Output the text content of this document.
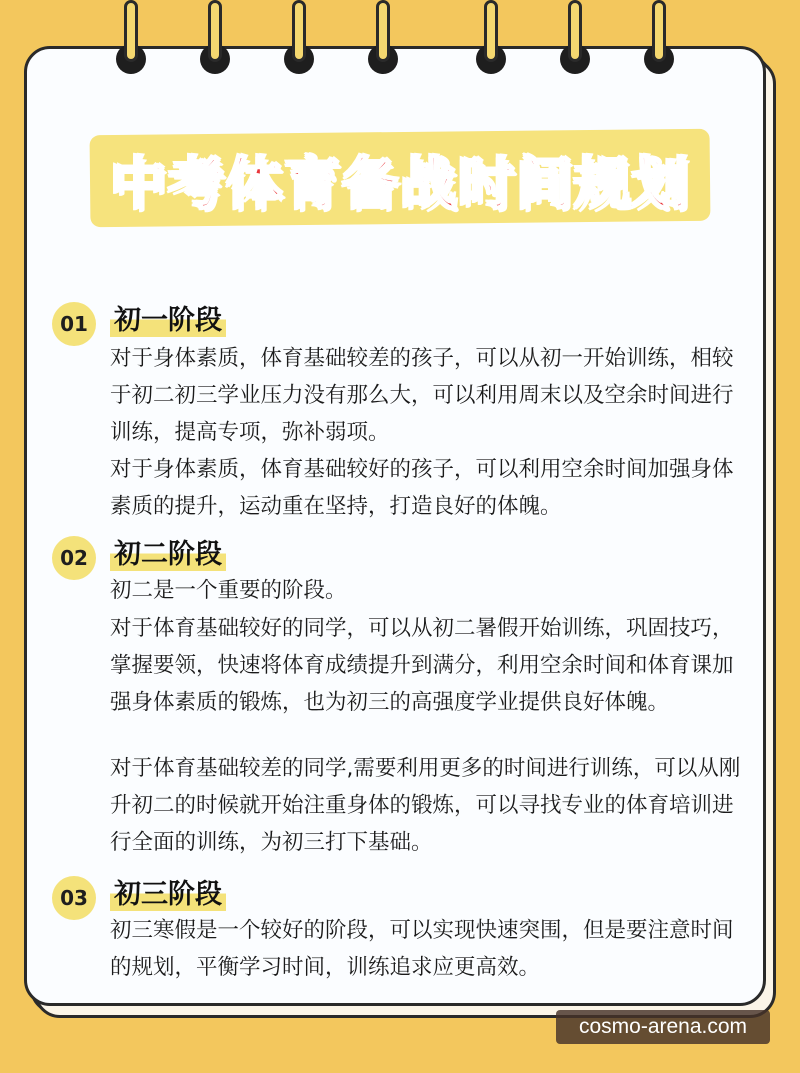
中考体育备战时间规划
01 初一阶段

对于身体素质，体育基础较差的孩子，可以从初一开始训练，相较于初二初三学业压力没有那么大，可以利用周末以及空余时间进行训练，提高专项，弥补弱项。

对于身体素质，体育基础较好的孩子，可以利用空余时间加强身体素质的提升，运动重在坚持，打造良好的体魄。

02 初二阶段

初二是一个重要的阶段。

对于体育基础较好的同学，可以从初二暑假开始训练，巩固技巧，掌握要领，快速将体育成绩提升到满分，利用空余时间和体育课加强身体素质的锻炼，也为初三的高强度学业提供良好体魄。

对于体育基础较差的同学,需要利用更多的时间进行训练，可以从刚升初二的时候就开始注重身体的锻炼，可以寻找专业的体育培训进行全面的训练，为初三打下基础。

03 初三阶段

初三寒假是一个较好的阶段，可以实现快速突围，但是要注意时间的规划，平衡学习时间，训练追求应更高效。

cosmo-arena.com
